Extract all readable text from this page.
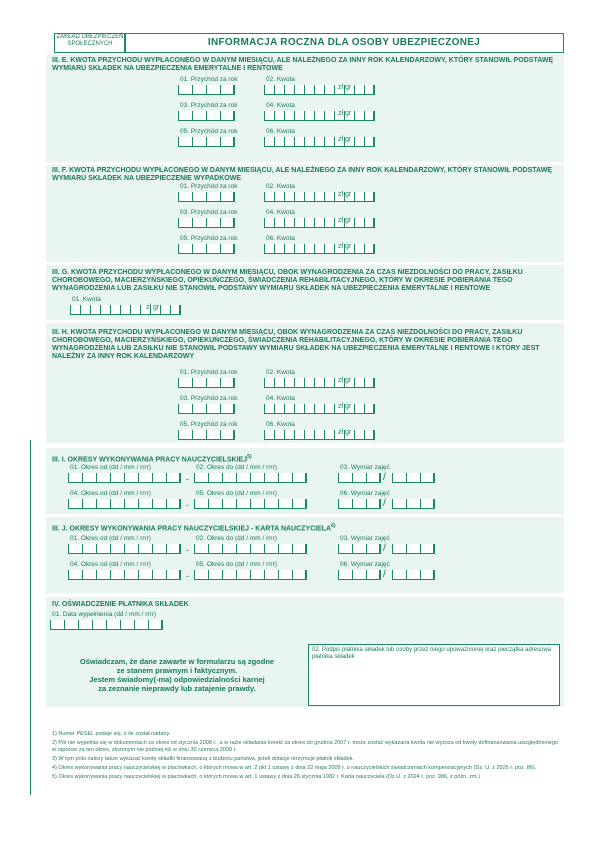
ZAKŁAD UBEZPIECZEŃ SPOŁECZNYCH	INFORMACJA ROCZNA DLA OSOBY UBEZPIECZONEJ
III. E. KWOTA PRZYCHODU WYPŁACONEGO W DANYM MIESIĄCU, ALE NALEŻNEGO ZA INNY ROK KALENDARZOWY, KTÓRY STANOWIŁ PODSTAWĘ WYMIARU SKŁADEK NA UBEZPIECZENIA EMERYTALNE I RENTOWE
III. F. KWOTA PRZYCHODU WYPŁACONEGO W DANYM MIESIĄCU, ALE NALEŻNEGO ZA INNY ROK KALENDARZOWY, KTÓRY STANOWIŁ PODSTAWĘ WYMIARU SKŁADEK NA UBEZPIECZENIE WYPADKOWE
III. G. KWOTA PRZYCHODU WYPŁACONEGO W DANYM MIESIĄCU, OBOK WYNAGRODZENIA ZA CZAS NIEZDOLNOŚCI DO PRACY, ZASIŁKU CHOROBOWEGO, MACIERZYŃSKIEGO, OPIEKUŃCZEGO, ŚWIADCZENIA REHABILITACYJNEGO, KTÓRY W OKRESIE POBIERANIA TEGO WYNAGRODZENIA LUB ZASIŁKU NIE STANOWIŁ PODSTAWY WYMIARU SKŁADEK NA UBEZPIECZENIA EMERYTALNE I RENTOWE
III. H. KWOTA PRZYCHODU WYPŁACONEGO W DANYM MIESIĄCU, OBOK WYNAGRODZENIA ZA CZAS NIEZDOLNOŚCI DO PRACY, ZASIŁKU CHOROBOWEGO, MACIERZYŃSKIEGO, OPIEKUŃCZEGO, ŚWIADCZENIA REHABILITACYJNEGO, KTÓRY W OKRESIE POBIERANIA TEGO WYNAGRODZENIA LUB ZASIŁKU NIE STANOWIŁ PODSTAWY WYMIARU SKŁADEK NA UBEZPIECZENIA EMERYTALNE I RENTOWE I KTÓRY JEST NALEŻNY ZA INNY ROK KALENDARZOWY
III. I. OKRESY WYKONYWANIA PRACY NAUCZYCIELSKIEJ$^{5)}$
III. J. OKRESY WYKONYWANIA PRACY NAUCZYCIELSKIEJ - KARTA NAUCZYCIELA$^{6)}$
IV. OŚWIADCZENIE PŁATNIKA SKŁADEK
01. Data wypełnienia (dd / mm / rrrr)
Oświadczam, że dane zawarte w formularzu są zgodne
ze stanem prawnym i faktycznym.
Jestem świadomy(-ma) odpowiedzialności karnej
za zeznanie nieprawdy lub zatajenie prawdy.
02. Podpis płatnika składek lub osoby przez niego upoważnionej oraz pieczątka adresowa płatnika składek
1) Numer PESEL podaje się, o ile został nadany.
2) Pól nie wypełnia się w dokumentach za okres od stycznia 2008 r., a w razie składania korekt za okres do grudnia 2007 r. może zostać wykazana kwota nie wyższa od kwoty dofinansowania uwzględnionego w raporcie za ten okres, złożonym nie później niż w dniu 30 czerwca 2008 r.
3) W tym polu należy także wykazać kwotę składki finansowaną z budżetu państwa, jeżeli dotacje otrzymuje płatnik składek.
4) Okres wykonywania pracy nauczycielskiej w placówkach, o których mowa w art. 2 pkt 1 ustawy z dnia 22 maja 2009 r. o nauczycielskich świadczeniach kompensacyjnych (Dz. U. z 2026 r. poz. 86).
5) Okres wykonywania pracy nauczycielskiej w placówkach, o których mowa w art. 1 ustawy z dnia 26 stycznia 1982 r. Karta nauczyciela (Dz.U. z 2024 r. poz. 986, z późn. zm.)
01. Przychód za rok	02. Kwota
zł gr
03. Przychód za rok	04. Kwota
zł gr
05. Przychód za rok	06. Kwota
zł gr
01. Przychód za rok	02. Kwota
zł gr
03. Przychód za rok	04. Kwota
zł gr
05. Przychód za rok	06. Kwota
zł gr
01. Przychód za rok	02. Kwota
zł gr
03. Przychód za rok	04. Kwota
zł gr
05. Przychód za rok	06. Kwota
zł gr
01. Kwota
zł gr
01. Okres od (dd / mm / rrrr)
-
02. Okres do (dd / mm / rrrr)	03. Wymiar zajęć
/
04. Okres od (dd / mm / rrrr)
-
05. Okres do (dd / mm / rrrr)	06. Wymiar zajęć
/
01. Okres od (dd / mm / rrrr)
-
02. Okres do (dd / mm / rrrr)	03. Wymiar zajęć
/
04. Okres od (dd / mm / rrrr)
-
05. Okres do (dd / mm / rrrr)	06. Wymiar zajęć
/
